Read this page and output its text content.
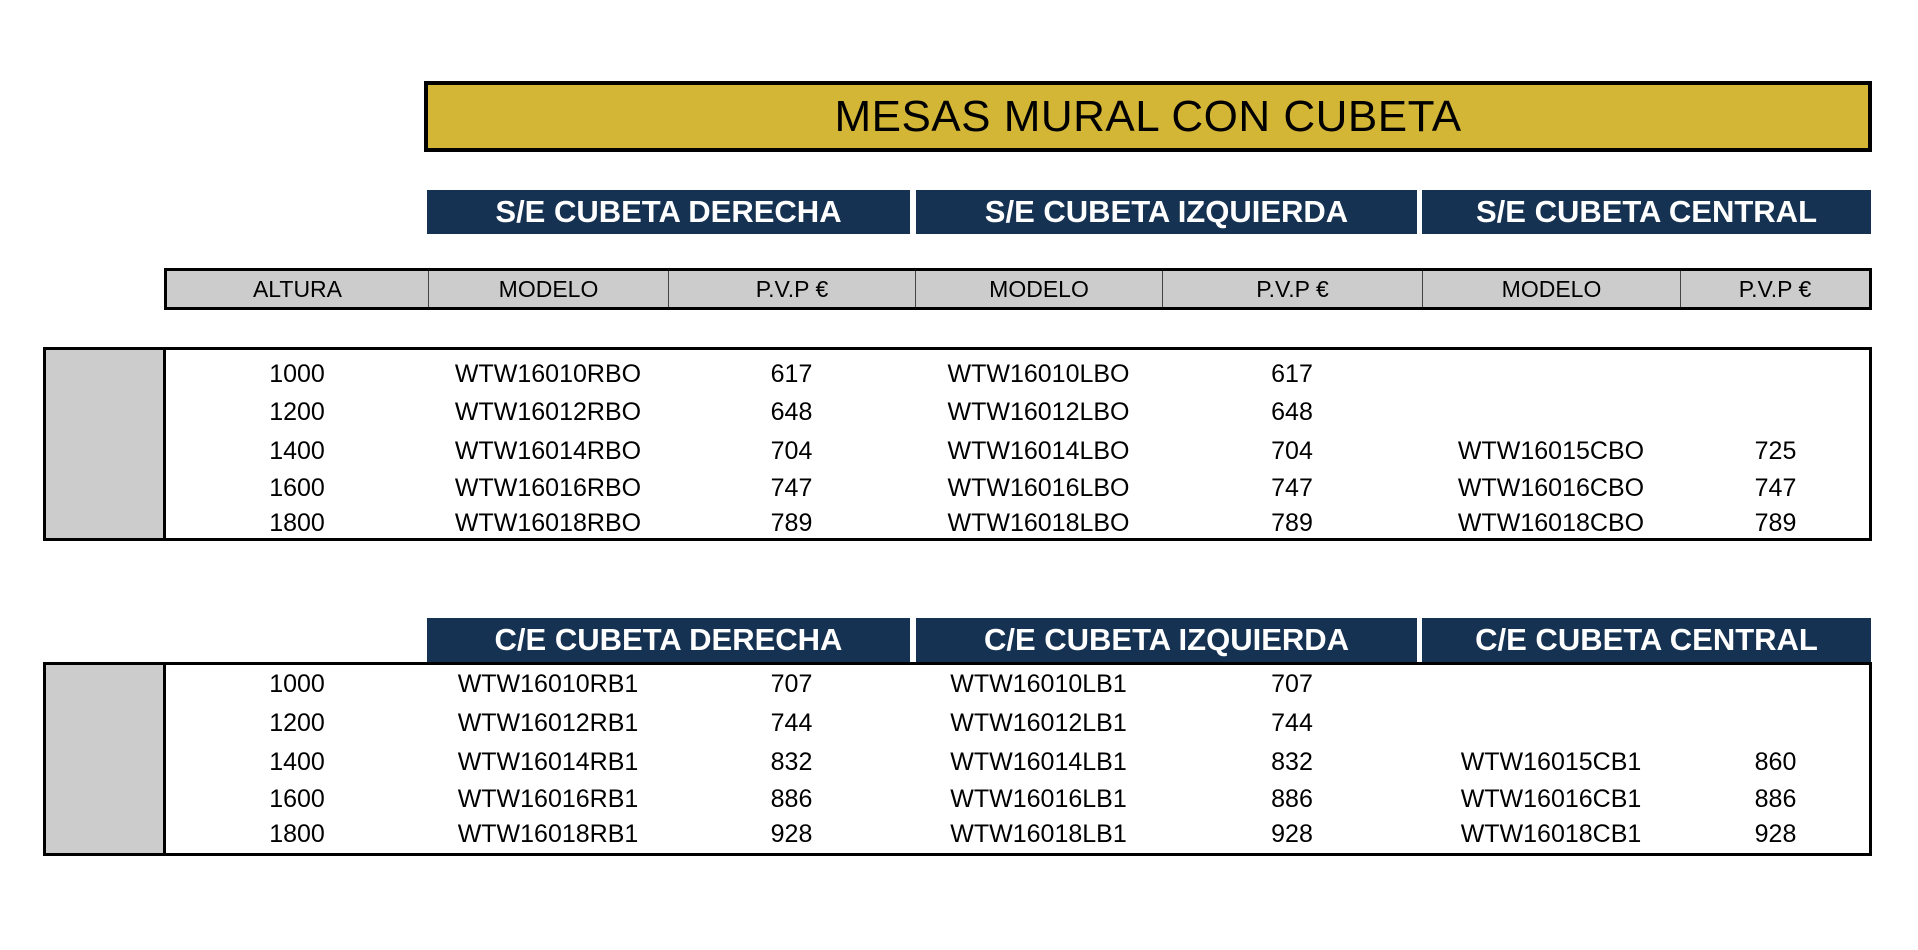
MESAS MURAL CON CUBETA
S/E CUBETA DERECHA	S/E CUBETA IZQUIERDA	S/E CUBETA CENTRAL
ALTURA	MODELO	P.V.P €	MODELO	P.V.P €	MODELO	P.V.P €
1000	WTW16010RBO	617	WTW16010LBO	617
1200	WTW16012RBO	648	WTW16012LBO	648
1400	WTW16014RBO	704	WTW16014LBO	704	WTW16015CBO	725
1600	WTW16016RBO	747	WTW16016LBO	747	WTW16016CBO	747
1800	WTW16018RBO	789	WTW16018LBO	789	WTW16018CBO	789
C/E CUBETA DERECHA	C/E CUBETA IZQUIERDA	C/E CUBETA CENTRAL
1000	WTW16010RB1	707	WTW16010LB1	707
1200	WTW16012RB1	744	WTW16012LB1	744
1400	WTW16014RB1	832	WTW16014LB1	832	WTW16015CB1	860
1600	WTW16016RB1	886	WTW16016LB1	886	WTW16016CB1	886
1800	WTW16018RB1	928	WTW16018LB1	928	WTW16018CB1	928
